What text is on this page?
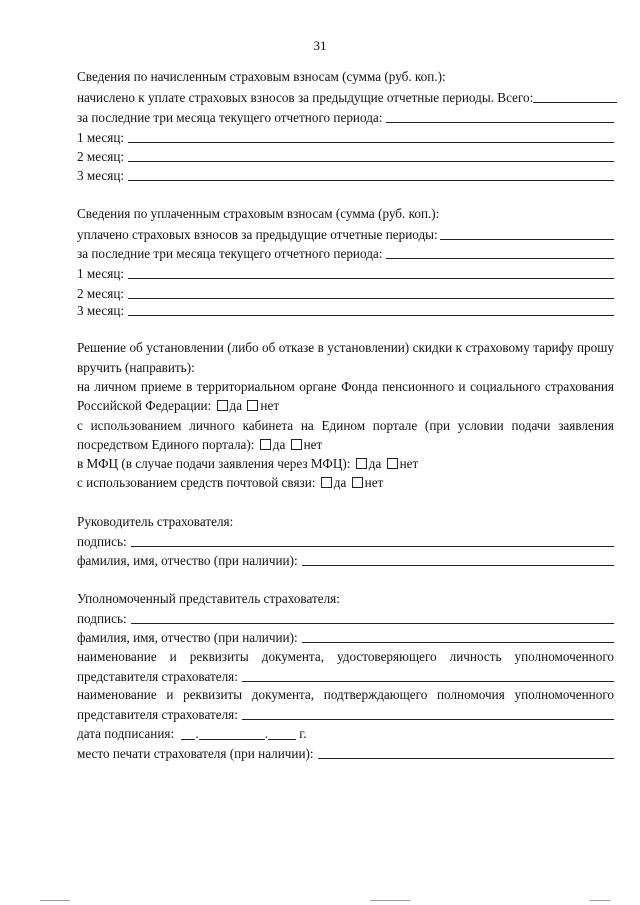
31
Сведения по начисленным страховым взносам (сумма (руб. коп.):
начислено к уплате страховых взносов за предыдущие отчетные периоды. Всего:
за последние три месяца текущего отчетного периода:
1 месяц:
2 месяц:
3 месяц:
Сведения по уплаченным страховым взносам (сумма (руб. коп.):
уплачено страховых взносов за предыдущие отчетные периоды:
за последние три месяца текущего отчетного периода:
1 месяц:
2 месяц:
3 месяц:
Решение об установлении (либо об отказе в установлении) скидки к страховому тарифу прошу
вручить (направить):
на личном приеме в территориальном органе Фонда пенсионного и социального страхования
Российской Федерации: да нет
с использованием личного кабинета на Едином портале (при условии подачи заявления
посредством Единого портала): да нет
в МФЦ (в случае подачи заявления через МФЦ): да нет
с использованием средств почтовой связи: да нет
Руководитель страхователя:
подпись:
фамилия, имя, отчество (при наличии):
Уполномоченный представитель страхователя:
подпись:
фамилия, имя, отчество (при наличии):
наименование и реквизиты документа, удостоверяющего личность уполномоченного
представителя страхователя:
наименование и реквизиты документа, подтверждающего полномочия уполномоченного
представителя страхователя:
дата подписания: .	. г.
место печати страхователя (при наличии):
